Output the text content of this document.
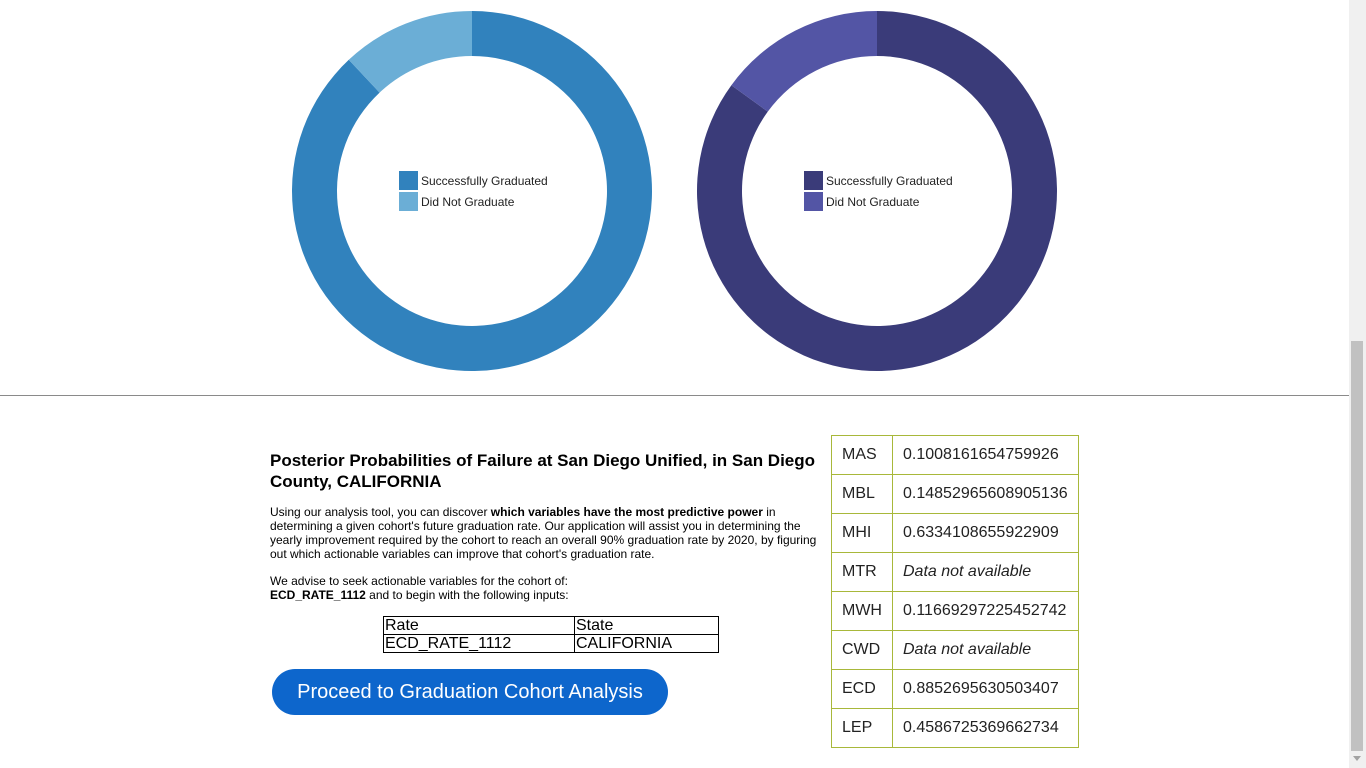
Successfully Graduated
Did Not Graduate
Successfully Graduated
Did Not Graduate
Posterior Probabilities of Failure at San Diego Unified, in San Diego County, CALIFORNIA

Using our analysis tool, you can discover which variables have the most predictive power in determining a given cohort's future graduation rate. Our application will assist you in determining the yearly improvement required by the cohort to reach an overall 90% graduation rate by 2020, by figuring out which actionable variables can improve that cohort's graduation rate.

We advise to seek actionable variables for the cohort of:
ECD_RATE_1112 and to begin with the following inputs:

Rate	State
ECD_RATE_1112	CALIFORNIA
Proceed to Graduation Cohort Analysis
MAS	0.1008161654759926
MBL	0.14852965608905136
MHI	0.6334108655922909
MTR	Data not available
MWH	0.11669297225452742
CWD	Data not available
ECD	0.8852695630503407
LEP	0.4586725369662734
